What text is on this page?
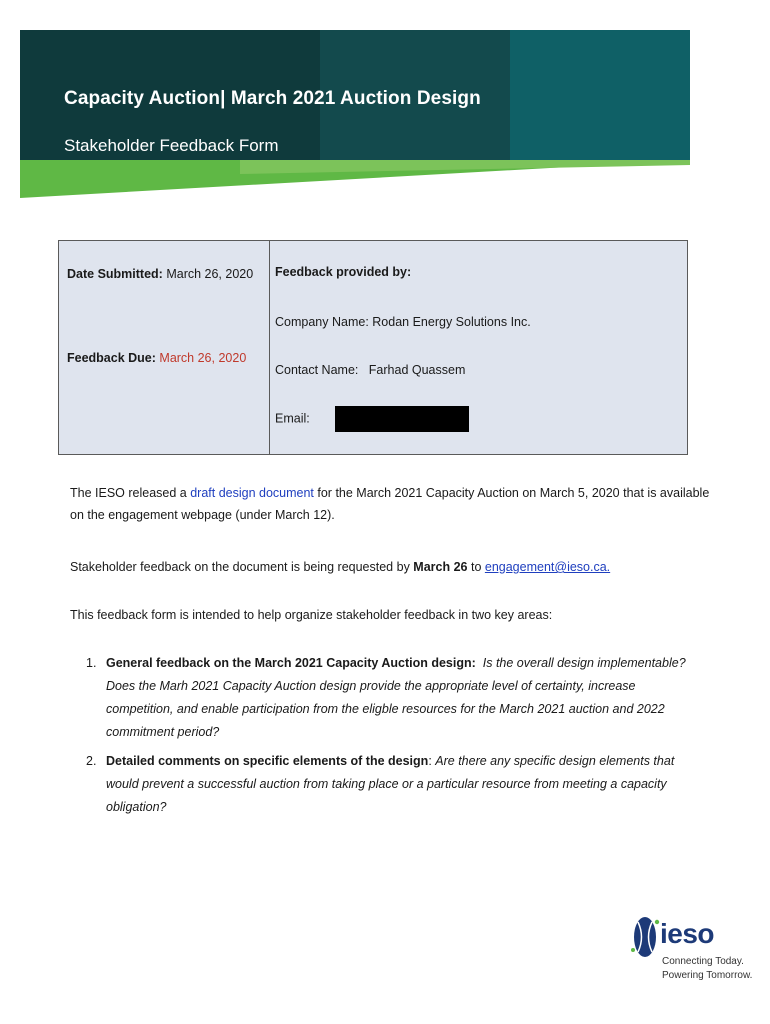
Capacity Auction| March 2021 Auction Design
Stakeholder Feedback Form
Date Submitted: March 26, 2020
Feedback Due: March 26, 2020
Feedback provided by:
Company Name: Rodan Energy Solutions Inc.
Contact Name: Farhad Quassem
Email:

The IESO released a draft design document for the March 2021 Capacity Auction on March 5, 2020 that is available on the engagement webpage (under March 12).

Stakeholder feedback on the document is being requested by March 26 to engagement@ieso.ca.

This feedback form is intended to help organize stakeholder feedback in two key areas:

1. General feedback on the March 2021 Capacity Auction design: Is the overall design implementable? Does the Marh 2021 Capacity Auction design provide the appropriate level of certainty, increase competition, and enable participation from the eligble resources for the March 2021 auction and 2022 commitment period?
2. Detailed comments on specific elements of the design: Are there any specific design elements that would prevent a successful auction from taking place or a particular resource from meeting a capacity obligation?

ieso

Connecting Today.

Powering Tomorrow.
